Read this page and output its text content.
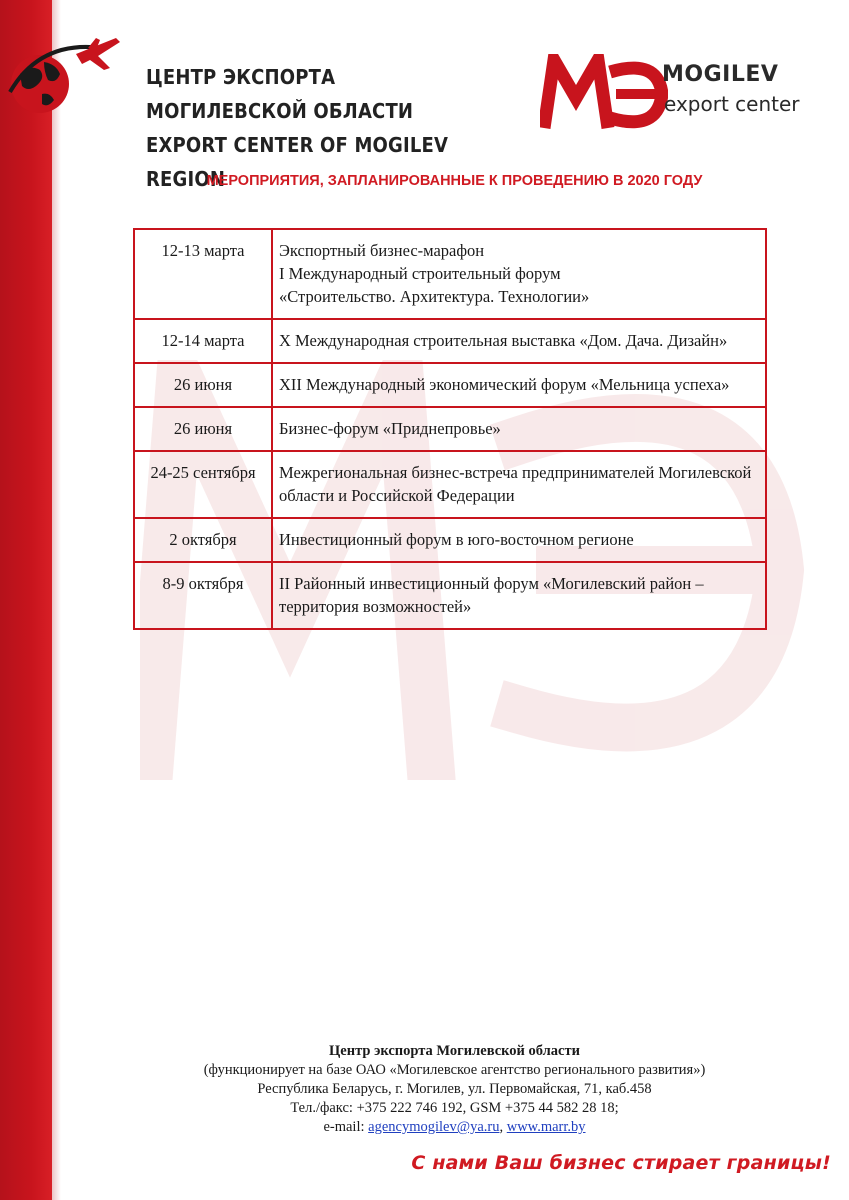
ЦЕНТР ЭКСПОРТА МОГИЛЕВСКОЙ ОБЛАСТИ
EXPORT CENTER OF MOGILEV REGION
MOGILEV
export center
МЕРОПРИЯТИЯ, ЗАПЛАНИРОВАННЫЕ К ПРОВЕДЕНИЮ В 2020 ГОДУ
12-13 марта	Экспортный бизнес-марафон
I Международный строительный форум
«Строительство. Архитектура. Технологии»

12-14 марта	X Международная строительная выставка «Дом. Дача. Дизайн»

26 июня	XII Международный экономический форум «Мельница успеха»

26 июня	Бизнес-форум «Приднепровье»

24-25 сентября	Межрегиональная бизнес-встреча предпринимателей Могилевской области и Российской Федерации

2 октября	Инвестиционный форум в юго-восточном регионе

8-9 октября	II Районный инвестиционный форум «Могилевский район – территория возможностей»
Центр экспорта Могилевской области
(функционирует на базе ОАО «Могилевское агентство регионального развития»)
Республика Беларусь, г. Могилев, ул. Первомайская, 71, каб.458
Тел./факс: +375 222 746 192, GSM +375 44 582 28 18;
e-mail: agencymogilev@ya.ru, www.marr.by
С нами Ваш бизнес стирает границы!
